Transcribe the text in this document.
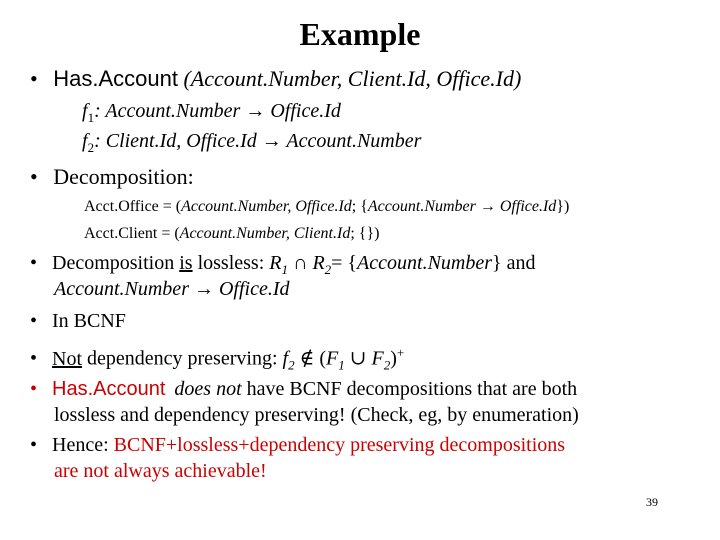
Example
• Has.Account (Account.Number, Client.Id, Office.Id)
$f_1$: Account.Number → Office.Id
$f_2$: Client.Id, Office.Id → Account.Number
• Decomposition:
Acct.Office = (Account.Number, Office.Id; {Account.Number → Office.Id})
Acct.Client = (Account.Number, Client.Id; {})
• Decomposition is lossless: $R_1$ ∩ $R_2=$ {Account.Number} and
Account.Number → Office.Id
• In BCNF
• Not dependency preserving: $f_2$ ∉ ($F_1$ ∪ $F_2)^+$
• Has.Account does not have BCNF decompositions that are both
lossless and dependency preserving! (Check, eg, by enumeration)
• Hence: BCNF+lossless+dependency preserving decompositions
are not always achievable!
39
